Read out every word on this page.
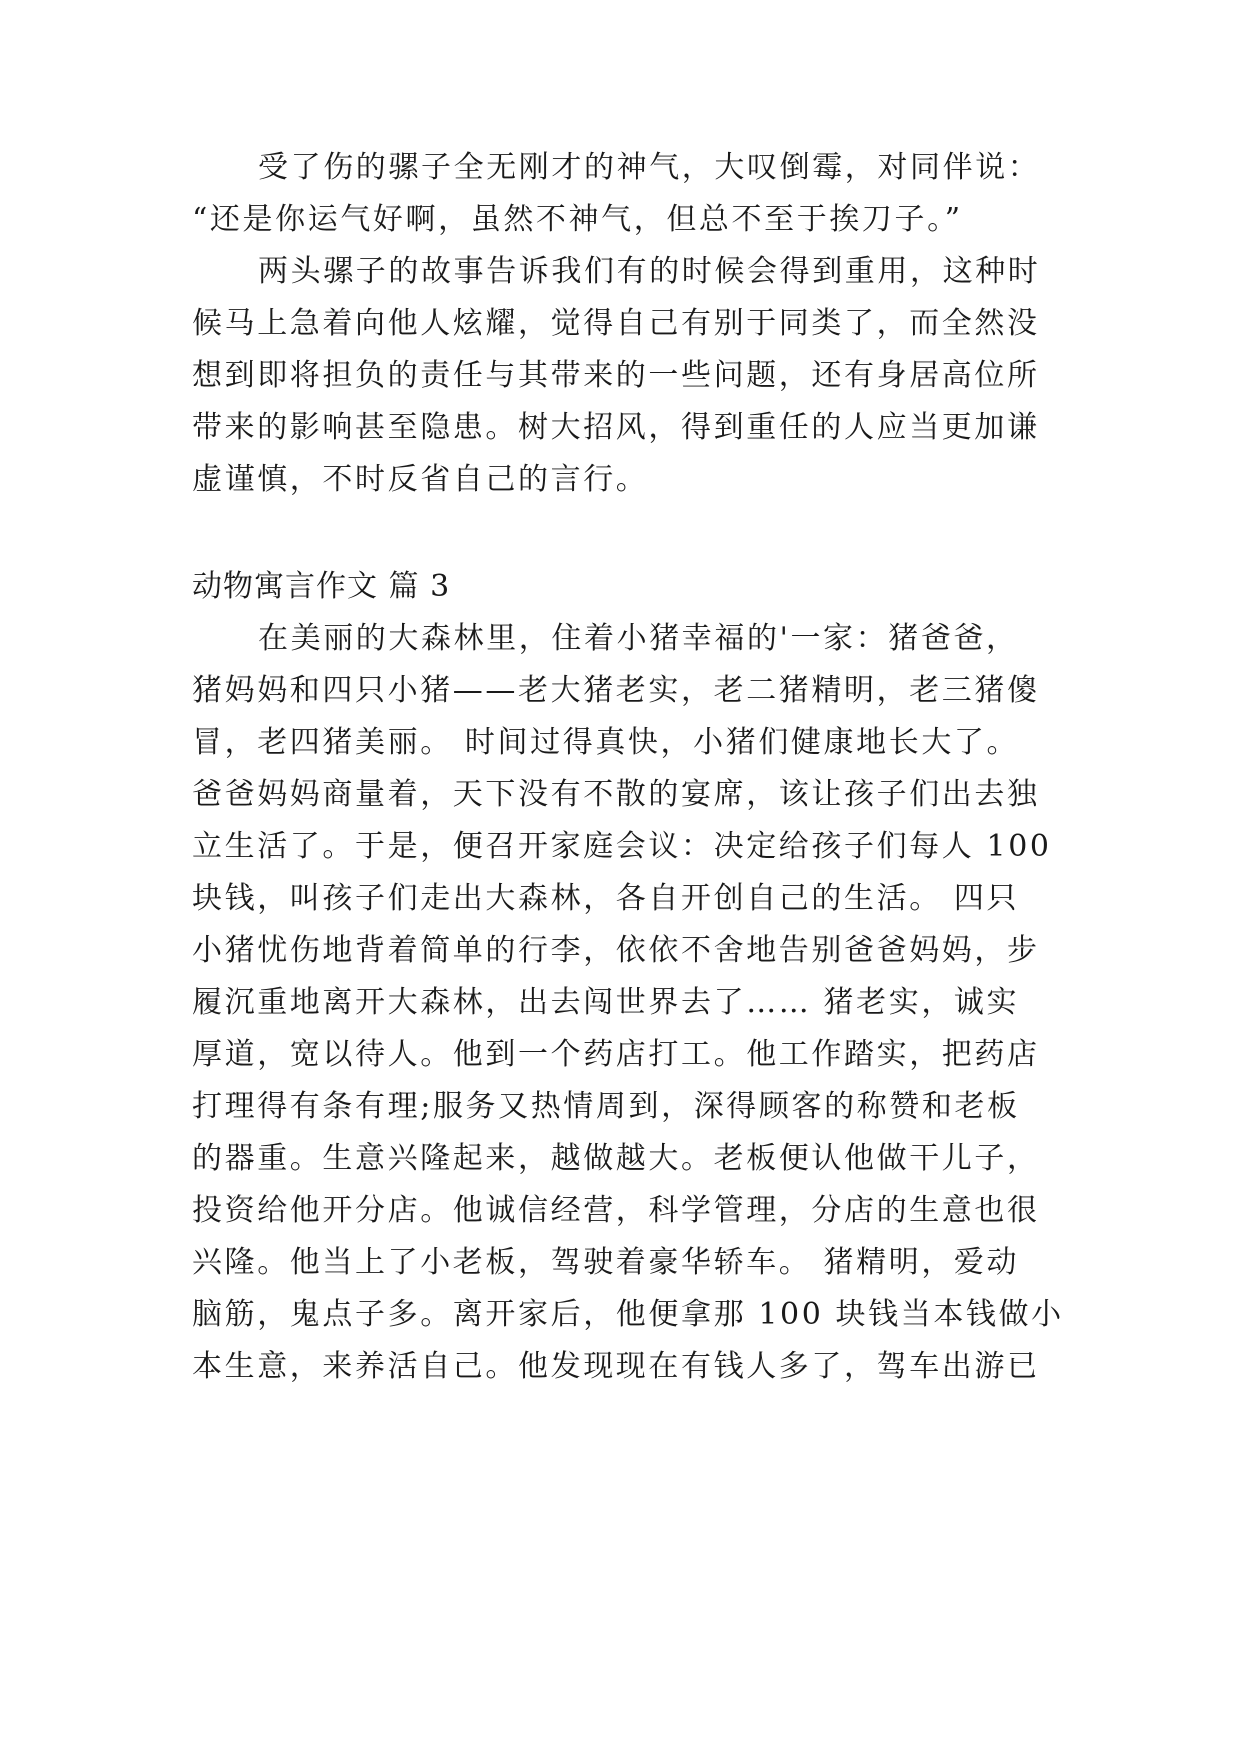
受了伤的骡子全无刚才的神气，大叹倒霉，对同伴说：
“还是你运气好啊，虽然不神气，但总不至于挨刀子。”
两头骡子的故事告诉我们有的时候会得到重用，这种时
候马上急着向他人炫耀，觉得自己有别于同类了，而全然没
想到即将担负的责任与其带来的一些问题，还有身居高位所
带来的影响甚至隐患。树大招风，得到重任的人应当更加谦
虚谨慎，不时反省自己的言行。
动物寓言作文 篇 3
在美丽的大森林里，住着小猪幸福的'一家：猪爸爸，
猪妈妈和四只小猪——老大猪老实，老二猪精明，老三猪傻
冒，老四猪美丽。 时间过得真快，小猪们健康地长大了。
爸爸妈妈商量着，天下没有不散的宴席，该让孩子们出去独
立生活了。于是，便召开家庭会议：决定给孩子们每人 100
块钱，叫孩子们走出大森林，各自开创自己的生活。 四只
小猪忧伤地背着简单的行李，依依不舍地告别爸爸妈妈，步
履沉重地离开大森林，出去闯世界去了…… 猪老实，诚实
厚道，宽以待人。他到一个药店打工。他工作踏实，把药店
打理得有条有理;服务又热情周到，深得顾客的称赞和老板
的器重。生意兴隆起来，越做越大。老板便认他做干儿子，
投资给他开分店。他诚信经营，科学管理，分店的生意也很
兴隆。他当上了小老板，驾驶着豪华轿车。 猪精明，爱动
脑筋，鬼点子多。离开家后，他便拿那 100 块钱当本钱做小
本生意，来养活自己。他发现现在有钱人多了，驾车出游已
